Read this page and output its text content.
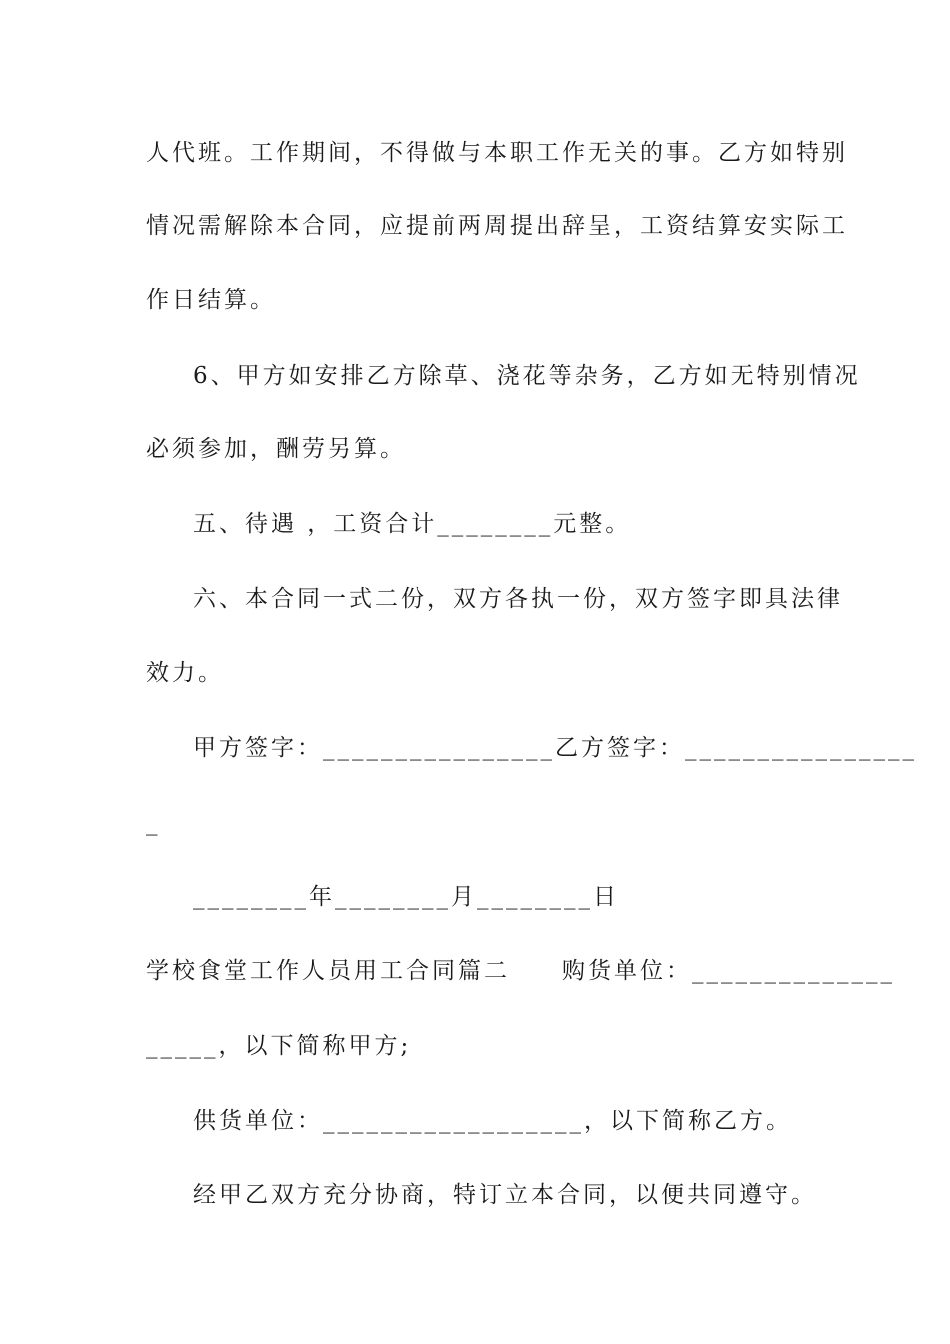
人代班。工作期间，不得做与本职工作无关的事。乙方如特别
情况需解除本合同，应提前两周提出辞呈，工资结算安实际工
作日结算。
6、甲方如安排乙方除草、浇花等杂务，乙方如无特别情况
必须参加，酬劳另算。
五、待遇 ，工资合计________元整。
六、本合同一式二份，双方各执一份，双方签字即具法律
效力。
甲方签字：________________乙方签字：________________
_
________年________月________日
学校食堂工作人员用工合同篇二　　购货单位：______________
_____，以下简称甲方;
供货单位：__________________，以下简称乙方。
经甲乙双方充分协商，特订立本合同，以便共同遵守。
